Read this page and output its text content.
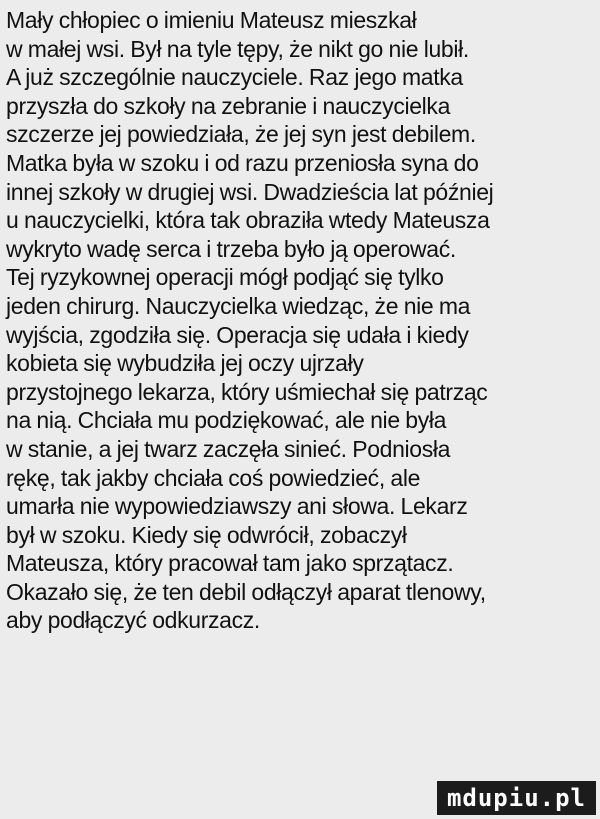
Mały chłopiec o imieniu Mateusz mieszkał
w małej wsi. Był na tyle tępy, że nikt go nie lubił.
A już szczególnie nauczyciele. Raz jego matka
przyszła do szkoły na zebranie i nauczycielka
szczerze jej powiedziała, że jej syn jest debilem.
Matka była w szoku i od razu przeniosła syna do
innej szkoły w drugiej wsi. Dwadzieścia lat później
u nauczycielki, która tak obraziła wtedy Mateusza
wykryto wadę serca i trzeba było ją operować.
Tej ryzykownej operacji mógł podjąć się tylko
jeden chirurg. Nauczycielka wiedząc, że nie ma
wyjścia, zgodziła się. Operacja się udała i kiedy
kobieta się wybudziła jej oczy ujrzały
przystojnego lekarza, który uśmiechał się patrząc
na nią. Chciała mu podziękować, ale nie była
w stanie, a jej twarz zaczęła sinieć. Podniosła
rękę, tak jakby chciała coś powiedzieć, ale
umarła nie wypowiedziawszy ani słowa. Lekarz
był w szoku. Kiedy się odwrócił, zobaczył
Mateusza, który pracował tam jako sprzątacz.
Okazało się, że ten debil odłączył aparat tlenowy,
aby podłączyć odkurzacz.
mdupiu.pl
